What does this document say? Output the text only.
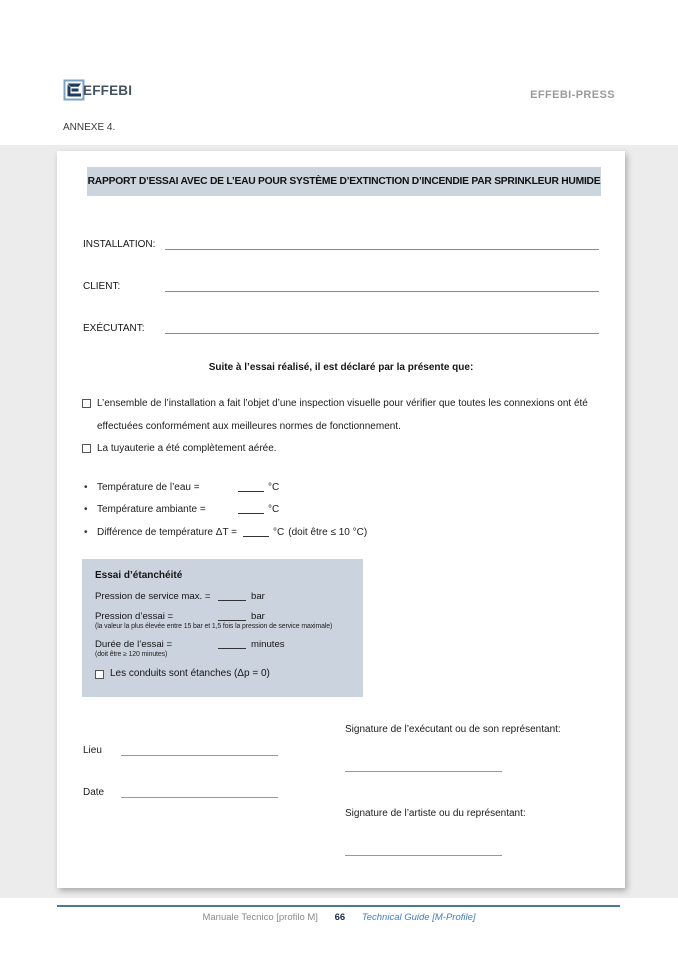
EFFEBI	EFFEBI-PRESS
ANNEXE 4.
RAPPORT D’ESSAI AVEC DE L’EAU POUR SYSTÈME D’EXTINCTION D’INCENDIE PAR SPRINKLEUR HUMIDE
INSTALLATION:
CLIENT:
EXÉCUTANT:
Suite à l’essai réalisé, il est déclaré par la présente que:
L’ensemble de l’installation a fait l’objet d’une inspection visuelle pour vérifier que toutes les connexions ont été
effectuées conformément aux meilleures normes de fonctionnement.
La tuyauterie a été complètement aérée.
• Température de l’eau =	°C
• Température ambiante =	°C
• Différence de température ΔT =	°C (doit être ≤ 10 °C)
Essai d’étanchéité
Pression de service max. =	bar
Pression d’essai =	bar
(la valeur la plus élevée entre 15 bar et 1,5 fois la pression de service maximale)
Durée de l’essai =	minutes
(doit être ≥ 120 minutes)
Les conduits sont étanches (Δp = 0)
Signature de l’exécutant ou de son représentant:
Lieu
Date
Signature de l’artiste ou du représentant:
Manuale Tecnico [profilo M] 66 Technical Guide [M-Profile]
